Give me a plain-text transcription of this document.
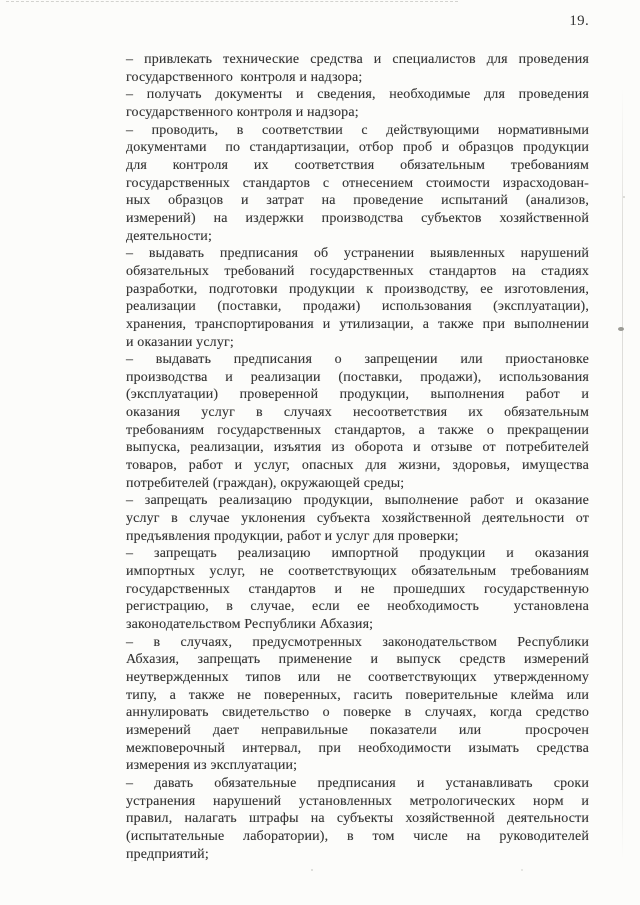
19.
– привлекать технические средства и специалистов для проведения
государственного  контроля и надзора;
– получать документы и сведения, необходимые для проведения
государственного контроля и надзора;
– проводить, в соответствии с действующими нормативными
документами  по стандартизации, отбор проб и образцов продукции
для контроля их соответствия обязательным требованиям
государственных стандартов с отнесением стоимости израсходован-
ных образцов и затрат на проведение испытаний (анализов,
измерений) на издержки производства субъектов хозяйственной
деятельности;
– выдавать предписания об устранении выявленных нарушений
обязательных требований государственных стандартов на стадиях
разработки, подготовки продукции к производству, ее изготовления,
реализации (поставки, продажи) использования (эксплуатации),
хранения, транспортирования и утилизации, а также при выполнении
и оказании услуг;
– выдавать предписания о запрещении или приостановке
производства и реализации (поставки, продажи), использования
(эксплуатации) проверенной продукции, выполнения работ и
оказания услуг в случаях несоответствия их обязательным
требованиям государственных стандартов, а также о прекращении
выпуска, реализации, изъятия из оборота и отзыве от потребителей
товаров, работ и услуг, опасных для жизни, здоровья, имущества
потребителей (граждан), окружающей среды;
– запрещать реализацию продукции, выполнение работ и оказание
услуг в случае уклонения субъекта хозяйственной деятельности от
предъявления продукции, работ и услуг для проверки;
– запрещать реализацию импортной продукции и оказания
импортных услуг, не соответствующих обязательным требованиям
государственных стандартов и не прошедших государственную
регистрацию, в случае, если ее необходимость  установлена
законодательством Республики Абхазия;
– в случаях, предусмотренных законодательством Республики
Абхазия, запрещать применение и выпуск средств измерений
неутвержденных типов или не соответствующих утвержденному
типу, а также не поверенных, гасить поверительные клейма или
аннулировать свидетельство о поверке в случаях, когда средство
измерений дает неправильные показатели или  просрочен
межповерочный интервал, при необходимости изымать средства
измерения из эксплуатации;
– давать обязательные предписания и устанавливать сроки
устранения нарушений установленных метрологических норм и
правил, налагать штрафы на субъекты хозяйственной деятельности
(испытательные лаборатории), в том числе на руководителей
предприятий;
